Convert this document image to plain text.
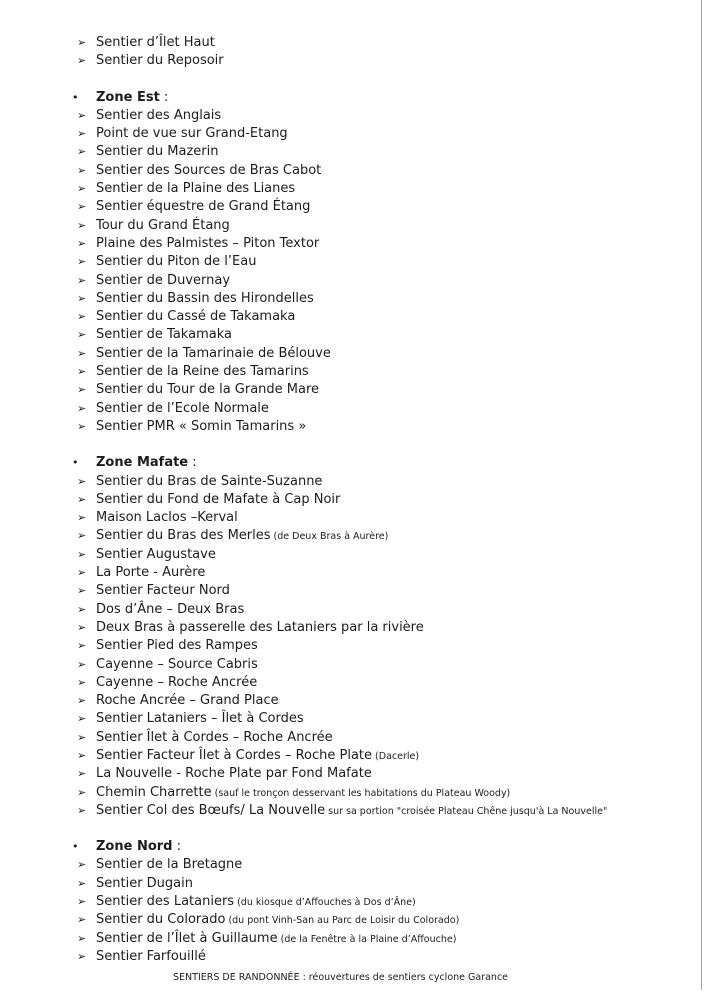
➢ Sentier d’Îlet Haut
➢ Sentier du Reposoir
• Zone Est :
➢ Sentier des Anglais
➢ Point de vue sur Grand-Etang
➢ Sentier du Mazerin
➢ Sentier des Sources de Bras Cabot
➢ Sentier de la Plaine des Lianes
➢ Sentier équestre de Grand Étang
➢ Tour du Grand Étang
➢ Plaine des Palmistes – Piton Textor
➢ Sentier du Piton de l’Eau
➢ Sentier de Duvernay
➢ Sentier du Bassin des Hirondelles
➢ Sentier du Cassé de Takamaka
➢ Sentier de Takamaka
➢ Sentier de la Tamarinaie de Bélouve
➢ Sentier de la Reine des Tamarins
➢ Sentier du Tour de la Grande Mare
➢ Sentier de l’Ecole Normale
➢ Sentier PMR « Somin Tamarins »
• Zone Mafate :
➢ Sentier du Bras de Sainte-Suzanne
➢ Sentier du Fond de Mafate à Cap Noir
➢ Maison Laclos –Kerval
➢ Sentier du Bras des Merles (de Deux Bras à Aurère)
➢ Sentier Augustave
➢ La Porte - Aurère
➢ Sentier Facteur Nord
➢ Dos d’Âne – Deux Bras
➢ Deux Bras à passerelle des Lataniers par la rivière
➢ Sentier Pied des Rampes
➢ Cayenne – Source Cabris
➢ Cayenne – Roche Ancrée
➢ Roche Ancrée – Grand Place
➢ Sentier Lataniers – Îlet à Cordes
➢ Sentier Îlet à Cordes – Roche Ancrée
➢ Sentier Facteur Îlet à Cordes – Roche Plate (Dacerle)
➢ La Nouvelle - Roche Plate par Fond Mafate
➢ Chemin Charrette (sauf le tronçon desservant les habitations du Plateau Woody)
➢ Sentier Col des Bœufs/ La Nouvelle sur sa portion "croisée Plateau Chêne jusqu'à La Nouvelle"
• Zone Nord :
➢ Sentier de la Bretagne
➢ Sentier Dugain
➢ Sentier des Lataniers (du kiosque d’Affouches à Dos d’Âne)
➢ Sentier du Colorado (du pont Vinh-San au Parc de Loisir du Colorado)
➢ Sentier de l’Îlet à Guillaume (de la Fenêtre à la Plaine d’Affouche)
➢ Sentier Farfouillé
SENTIERS DE RANDONNÉE : réouvertures de sentiers cyclone Garance
